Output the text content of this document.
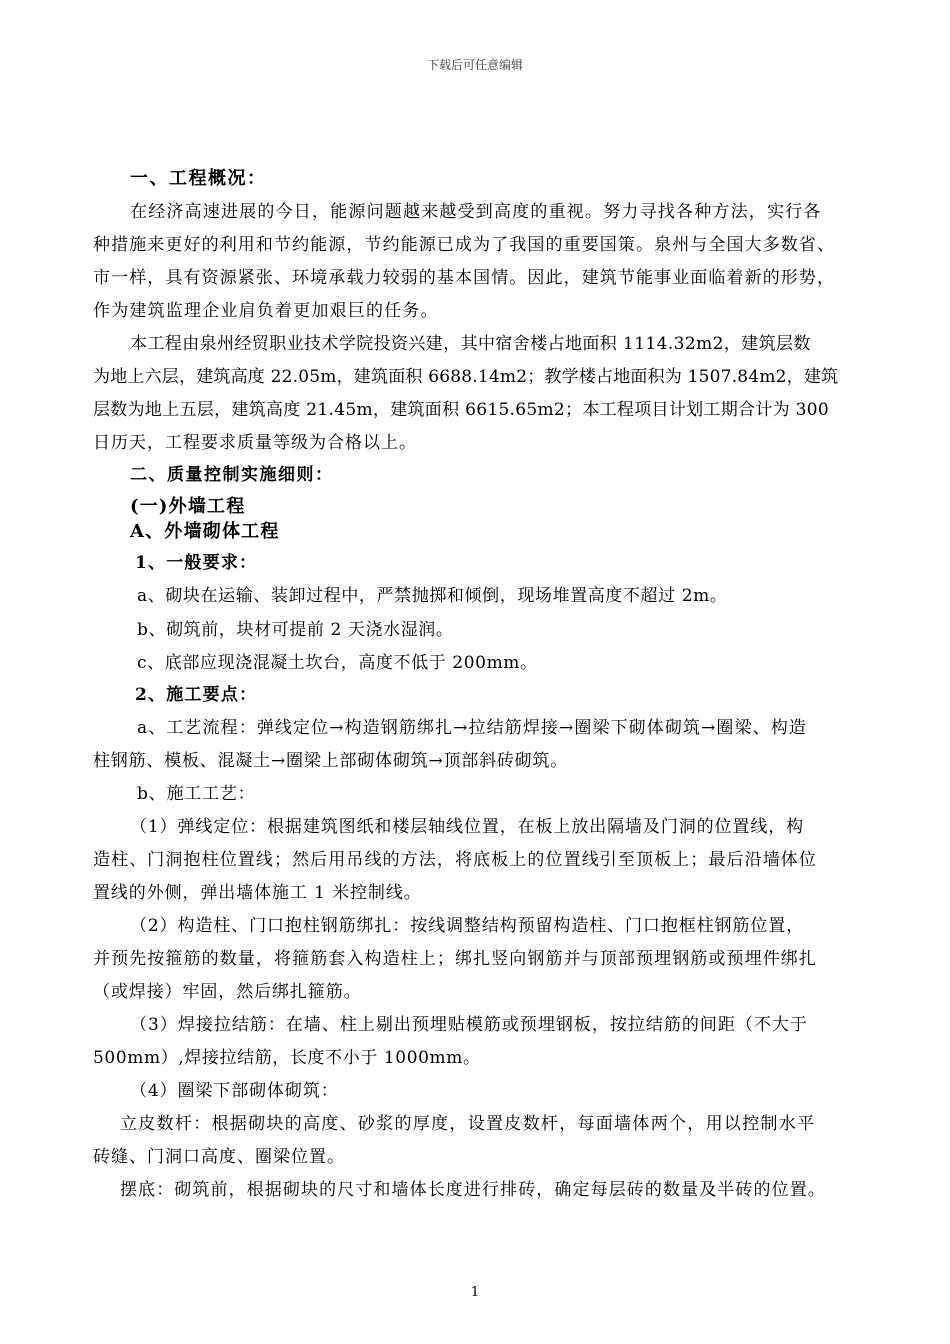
下载后可任意编辑
一、工程概况：
在经济高速进展的今日，能源问题越来越受到高度的重视。努力寻找各种方法，实行各
种措施来更好的利用和节约能源，节约能源已成为了我国的重要国策。泉州与全国大多数省、
市一样，具有资源紧张、环境承载力较弱的基本国情。因此，建筑节能事业面临着新的形势，
作为建筑监理企业肩负着更加艰巨的任务。
本工程由泉州经贸职业技术学院投资兴建，其中宿舍楼占地面积 1114.32m2，建筑层数
为地上六层，建筑高度 22.05m，建筑面积 6688.14m2；教学楼占地面积为 1507.84m2，建筑
层数为地上五层，建筑高度 21.45m，建筑面积 6615.65m2；本工程项目计划工期合计为 300
日历天，工程要求质量等级为合格以上。
二、质量控制实施细则：
(一)外墙工程
A、外墙砌体工程
1、一般要求：
a、砌块在运输、装卸过程中，严禁抛掷和倾倒，现场堆置高度不超过 2m。
b、砌筑前，块材可提前 2 天浇水湿润。
c、底部应现浇混凝土坎台，高度不低于 200mm。
2、施工要点：
a、工艺流程：弹线定位→构造钢筋绑扎→拉结筋焊接→圈梁下砌体砌筑→圈梁、构造
柱钢筋、模板、混凝土→圈梁上部砌体砌筑→顶部斜砖砌筑。
b、施工工艺：
（1）弹线定位：根据建筑图纸和楼层轴线位置，在板上放出隔墙及门洞的位置线，构
造柱、门洞抱柱位置线；然后用吊线的方法，将底板上的位置线引至顶板上；最后沿墙体位
置线的外侧，弹出墙体施工 1 米控制线。
（2）构造柱、门口抱柱钢筋绑扎：按线调整结构预留构造柱、门口抱框柱钢筋位置，
并预先按箍筋的数量，将箍筋套入构造柱上；绑扎竖向钢筋并与顶部预埋钢筋或预埋件绑扎
（或焊接）牢固，然后绑扎箍筋。
（3）焊接拉结筋：在墙、柱上剔出预埋贴模筋或预埋钢板，按拉结筋的间距（不大于
500mm）,焊接拉结筋，长度不小于 1000mm。
（4）圈梁下部砌体砌筑：
立皮数杆：根据砌块的高度、砂浆的厚度，设置皮数杆，每面墙体两个，用以控制水平
砖缝、门洞口高度、圈梁位置。
摆底：砌筑前，根据砌块的尺寸和墙体长度进行排砖，确定每层砖的数量及半砖的位置。
1
